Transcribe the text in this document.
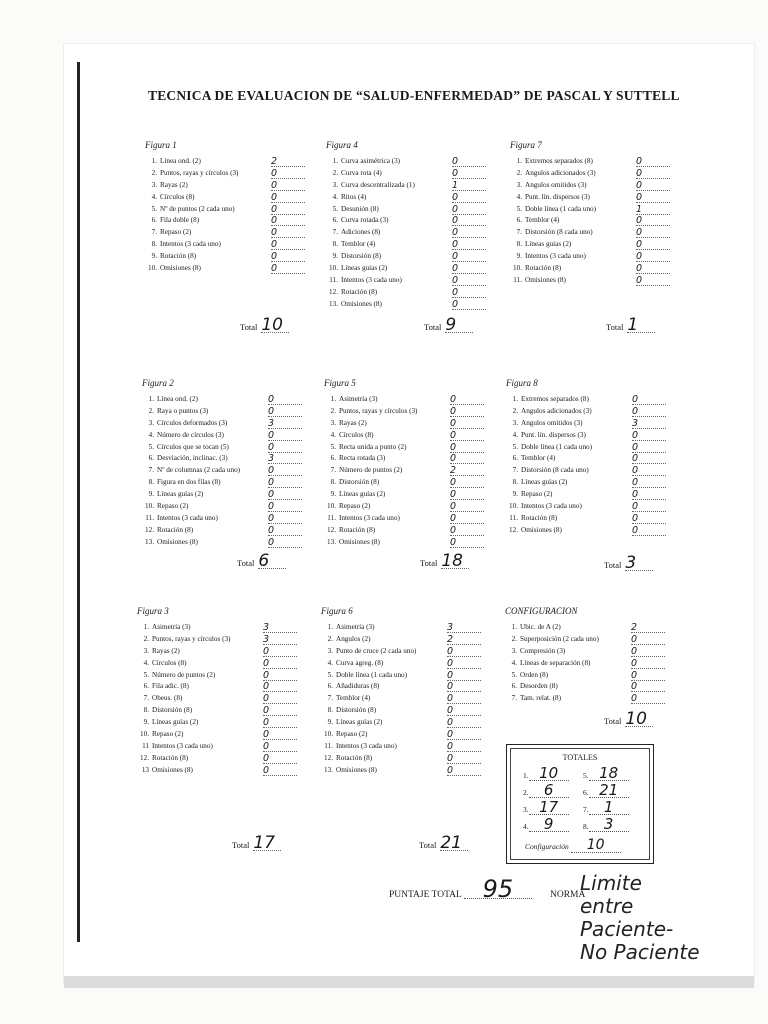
TECNICA DE EVALUACION DE “SALUD-ENFERMEDAD” DE PASCAL Y SUTTELL
Figura 1
1. Línea ond. (2)	2
2. Puntos, rayas y círculos (3)	0
3. Rayas (2)	0
4. Círculos (8)	0
5. Nº de puntos (2 cada uno)	0
6. Fila doble (8)	0
7. Repaso (2)	0
8. Intentos (3 cada uno)	0
9. Rotación (8)	0
10. Omisiones (8)	0
Total 10
Figura 4
1. Curva asimétrica (3)	0
2. Curva rota (4)	0
3. Curva descentralizada (1)	1
4. Ritos (4)	0
5. Desunión (8)	0
6. Curva rotada (3)	0
7. Adiciones (8)	0
8. Temblor (4)	0
9. Distorsión (8)	0
10. Líneas guías (2)	0
11. Intentos (3 cada uno)	0
12. Rotación (8)	0
13. Omisiones (8)	0
Total 9
Figura 7
1. Extremos separados (8)	0
2. Angulos adicionados (3)	0
3. Angulos omitidos (3)	0
4. Punt. lín. dispersos (3)	0
5. Doble línea (1 cada uno)	1
6. Temblor (4)	0
7. Distorsión (8 cada uno)	0
8. Líneas guías (2)	0
9. Intentos (3 cada uno)	0
10. Rotación (8)	0
11. Omisiones (8)	0
Total 1
Figura 2
1. Línea ond. (2)	0
2. Raya o puntos (3)	0
3. Círculos deformados (3)	3
4. Número de círculos (3)	0
5. Círculos que se tocan (5)	0
6. Desviación, inclinac. (3)	3
7. Nº de columnas (2 cada uno)	0
8. Figura en dos filas (8)	0
9. Líneas guías (2)	0
10. Repaso (2)	0
11. Intentos (3 cada uno)	0
12. Rotación (8)	0
13. Omisiones (8)	0
Total 6
Figura 5
1. Asimetría (3)	0
2. Puntos, rayas y círculos (3)	0
3. Rayas (2)	0
4. Círculos (8)	0
5. Recta unida a punto (2)	0
6. Recta rotada (3)	0
7. Número de puntos (2)	2
8. Distorsión (8)	0
9. Líneas guías (2)	0
10. Repaso (2)	0
11. Intentos (3 cada uno)	0
12. Rotación (8)	0
13. Omisiones (8)	0
Total 18
Figura 8
1. Extremos separados (8)	0
2. Angulos adicionados (3)	0
3. Angulos omitidos (3)	3
4. Punt. lín. dispersos (3)	0
5. Doble línea (1 cada uno)	0
6. Temblor (4)	0
7. Distorsión (8 cada uno)	0
8. Líneas guías (2)	0
9. Repaso (2)	0
10. Intentos (3 cada uno)	0
11. Rotación (8)	0
12. Omisiones (8)	0
Total 3
Figura 3
1. Asimetría (3)	3
2. Puntos, rayas y círculos (3)	3
3. Rayas (2)	0
4. Círculos (8)	0
5. Número de puntos (2)	0
6. Fila adic. (8)	0
7. Obeus. (8)	0
8. Distorsión (8)	0
9. Líneas guías (2)	0
10. Repaso (2)	0
11 Intentos (3 cada uno)	0
12. Rotación (8)	0
13 Omisiones (8)	0
Total 17
Figura 6
1. Asimetría (3)	3
2. Angulos (2)	2
3. Punto de cruce (2 cada uno)	0
4. Curva agreg. (8)	0
5. Doble línea (1 cada uno)	0
6. Añadiduras (8)	0
7. Temblor (4)	0
8. Distorsión (8)	0
9. Líneas guías (2)	0
10. Repaso (2)	0
11. Intentos (3 cada uno)	0
12. Rotación (8)	0
13. Omisiones (8)	0
Total 21
CONFIGURACION
1. Ubic. de A (2)	2
2. Superposición (2 cada uno)	0
3. Compresión (3)	0
4. Líneas de separación (8)	0
5. Orden (8)	0
6. Desorden (8)	0
7. Tam. relat. (8)	0
Total 10
TOTALES
1. 10
2. 6
3. 17
4. 9
5. 18
6. 21
7. 1
8. 3
Configuración 10
PUNTAJE TOTAL 95	NORMA
Limite
entre
Paciente-
No Paciente
